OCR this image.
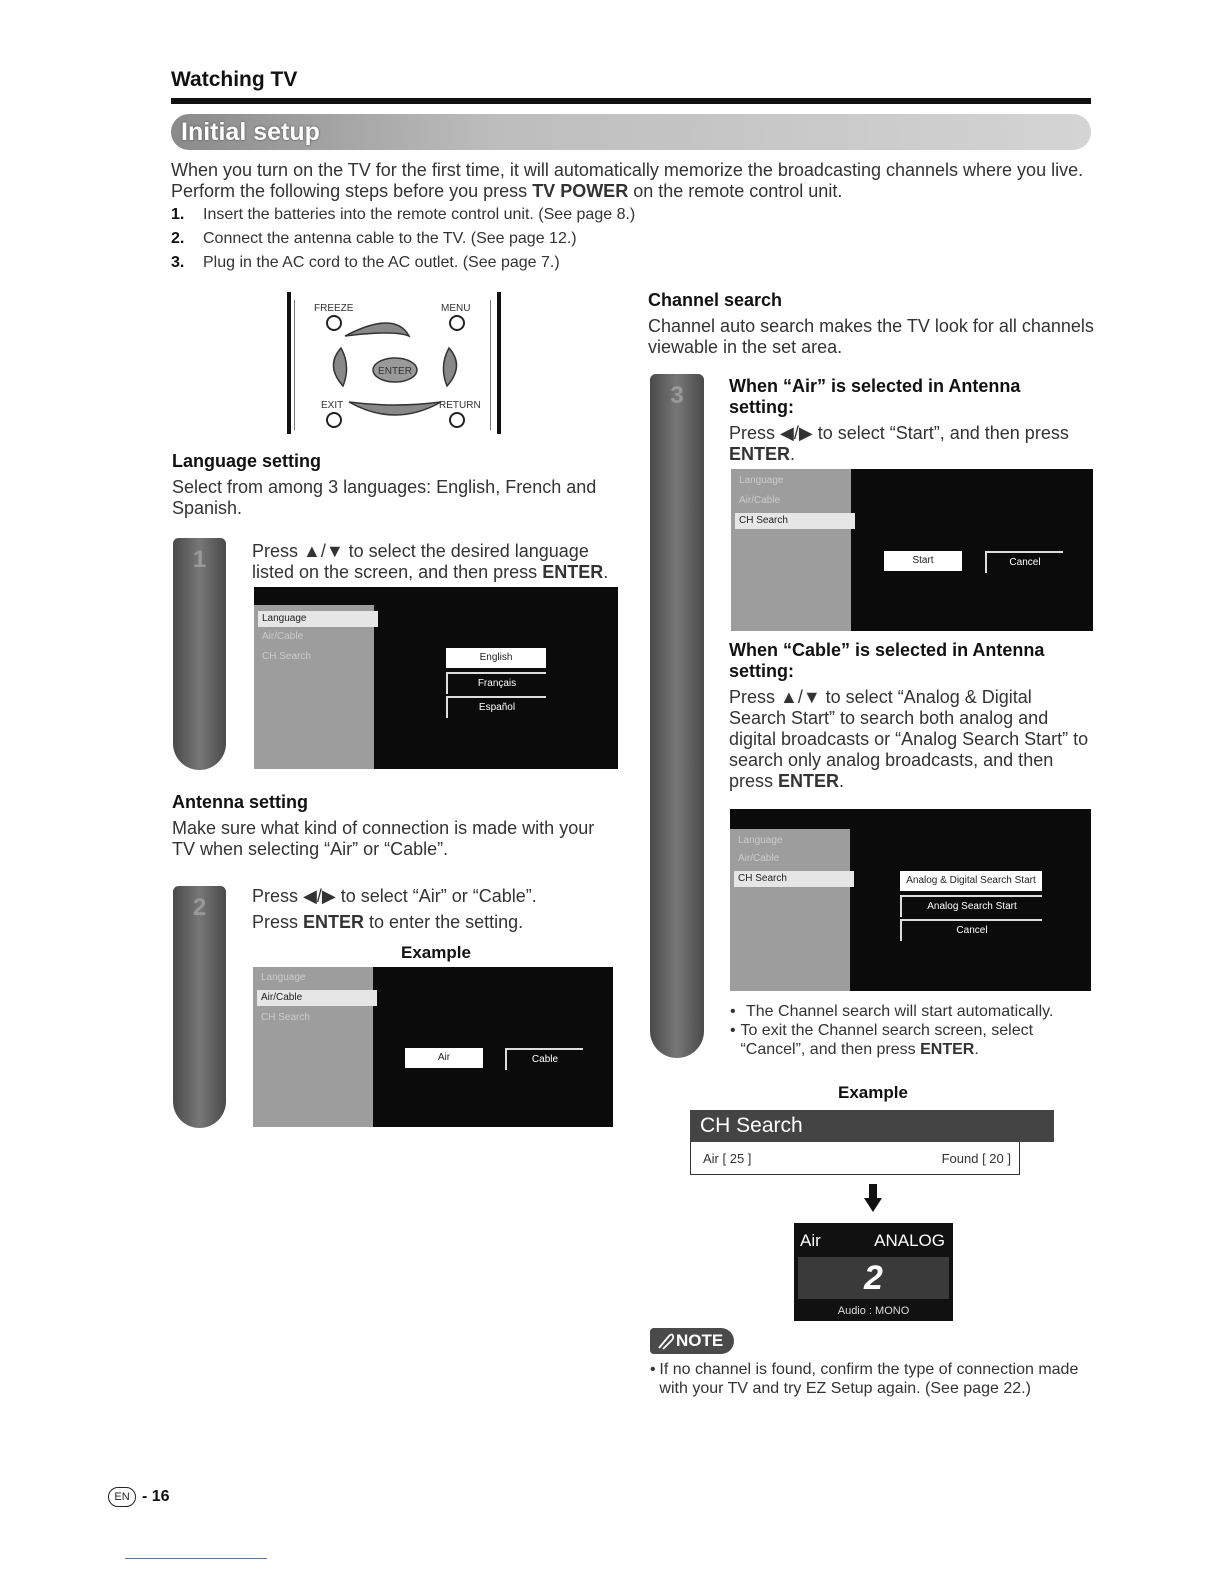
Watching TV
Initial setup
When you turn on the TV for the first time, it will automatically memorize the broadcasting channels where you live.
Perform the following steps before you press TV POWER on the remote control unit.
1.	Insert the batteries into the remote control unit. (See page 8.)
2.	Connect the antenna cable to the TV. (See page 12.)
3.	Plug in the AC cord to the AC outlet. (See page 7.)
FREEZE	MENU
ENTER
EXIT	RETURN
Language setting
Select from among 3 languages: English, French and Spanish.
1	Press ▲/▼ to select the desired language listed on the screen, and then press ENTER.
Language
Air/Cable
CH Search	English
Français
Español
Antenna setting
Make sure what kind of connection is made with your TV when selecting “Air” or “Cable”.
2	Press ◀/▶ to select “Air” or “Cable”.
Press ENTER to enter the setting.
Example
Language
Air/Cable
CH Search
Air	Cable
Channel search
Channel auto search makes the TV look for all channels viewable in the set area.
3	When “Air” is selected in Antenna setting:
Press ◀/▶ to select “Start”, and then press ENTER.
Language
Air/Cable
CH Search
Start	Cancel
When “Cable” is selected in Antenna setting:
Press ▲/▼ to select “Analog & Digital Search Start” to search both analog and digital broadcasts or “Analog Search Start” to search only analog broadcasts, and then press ENTER.
Language
Air/Cable
CH Search	Analog & Digital Search Start
Analog Search Start
Cancel
• The Channel search will start automatically.
• To exit the Channel search screen, select “Cancel”, and then press ENTER.
Example
CH Search
Air [ 25 ]	Found [ 20 ]
Air	ANALOG
2
Audio : MONO
NOTE
• If no channel is found, confirm the type of connection made with your TV and try EZ Setup again. (See page 22.)
EN - 16
